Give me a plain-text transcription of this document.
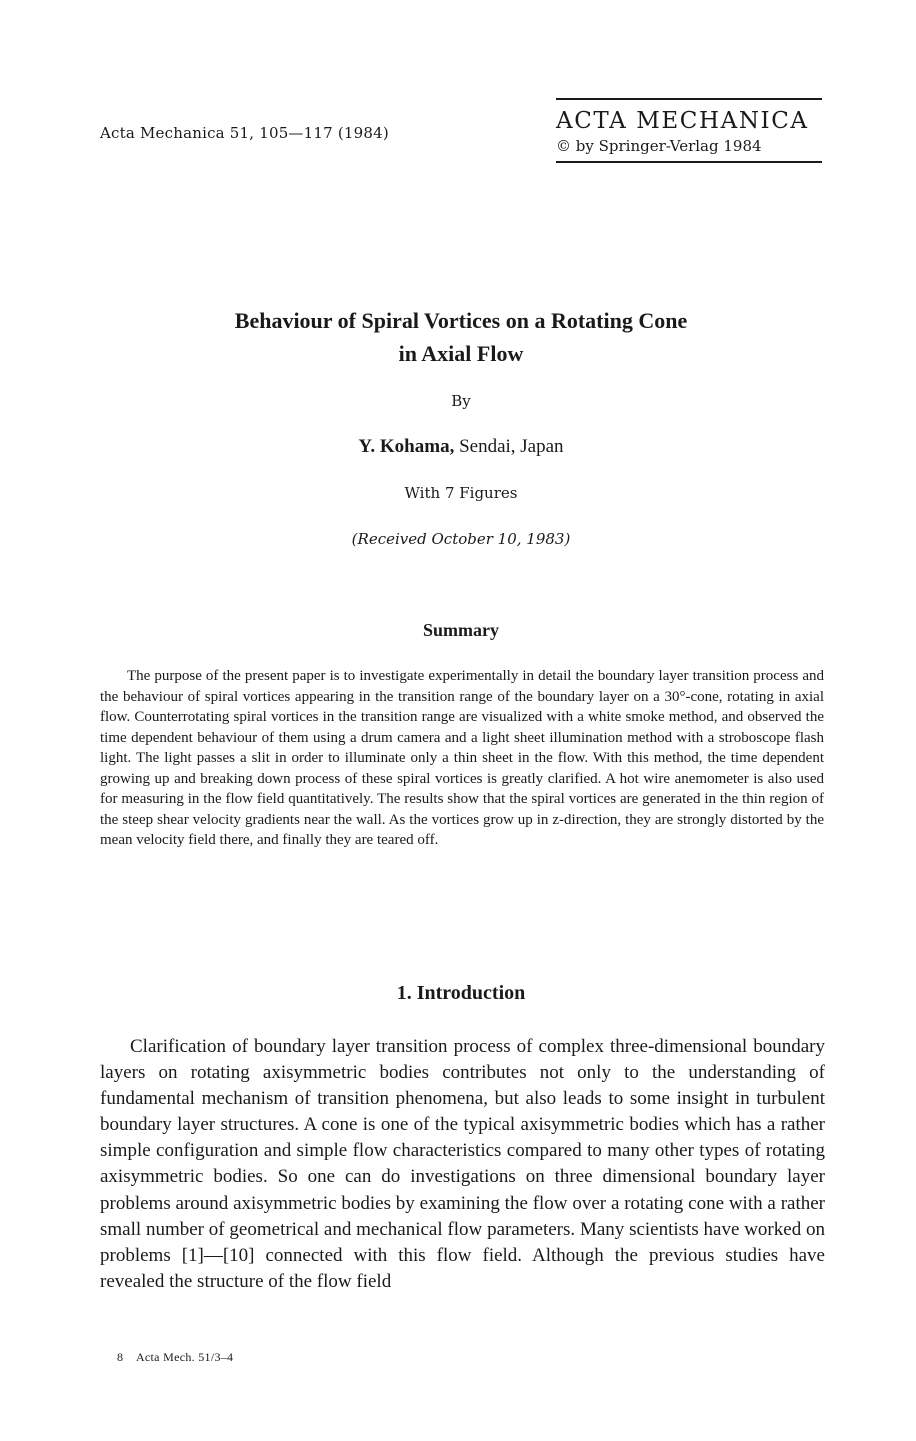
Acta Mechanica 51, 105—117 (1984)	ACTA MECHANICA
© by Springer-Verlag 1984
Behaviour of Spiral Vortices on a Rotating Cone
in Axial Flow
By
Y. Kohama, Sendai, Japan
With 7 Figures
(Received October 10, 1983)
Summary

The purpose of the present paper is to investigate experimentally in detail the boundary layer transition process and the behaviour of spiral vortices appearing in the transition range of the boundary layer on a 30°-cone, rotating in axial flow. Counterrotating spiral vortices in the transition range are visualized with a white smoke method, and observed the time dependent behaviour of them using a drum camera and a light sheet illumination method with a stroboscope flash light. The light passes a slit in order to illuminate only a thin sheet in the flow. With this method, the time dependent growing up and breaking down process of these spiral vortices is greatly clarified. A hot wire anemometer is also used for measuring in the flow field quantitatively. The results show that the spiral vortices are generated in the thin region of the steep shear velocity gradients near the wall. As the vortices grow up in z-direction, they are strongly distorted by the mean velocity field there, and finally they are teared off.

1. Introduction

Clarification of boundary layer transition process of complex three-dimensional boundary layers on rotating axisymmetric bodies contributes not only to the understanding of fundamental mechanism of transition phenomena, but also leads to some insight in turbulent boundary layer structures. A cone is one of the typical axisymmetric bodies which has a rather simple configuration and simple flow characteristics compared to many other types of rotating axisymmetric bodies. So one can do investigations on three dimensional boundary layer problems around axisymmetric bodies by examining the flow over a rotating cone with a rather small number of geometrical and mechanical flow parameters. Many scientists have worked on problems [1]—[10] connected with this flow field. Although the previous studies have revealed the structure of the flow field

8 Acta Mech. 51/3–4
